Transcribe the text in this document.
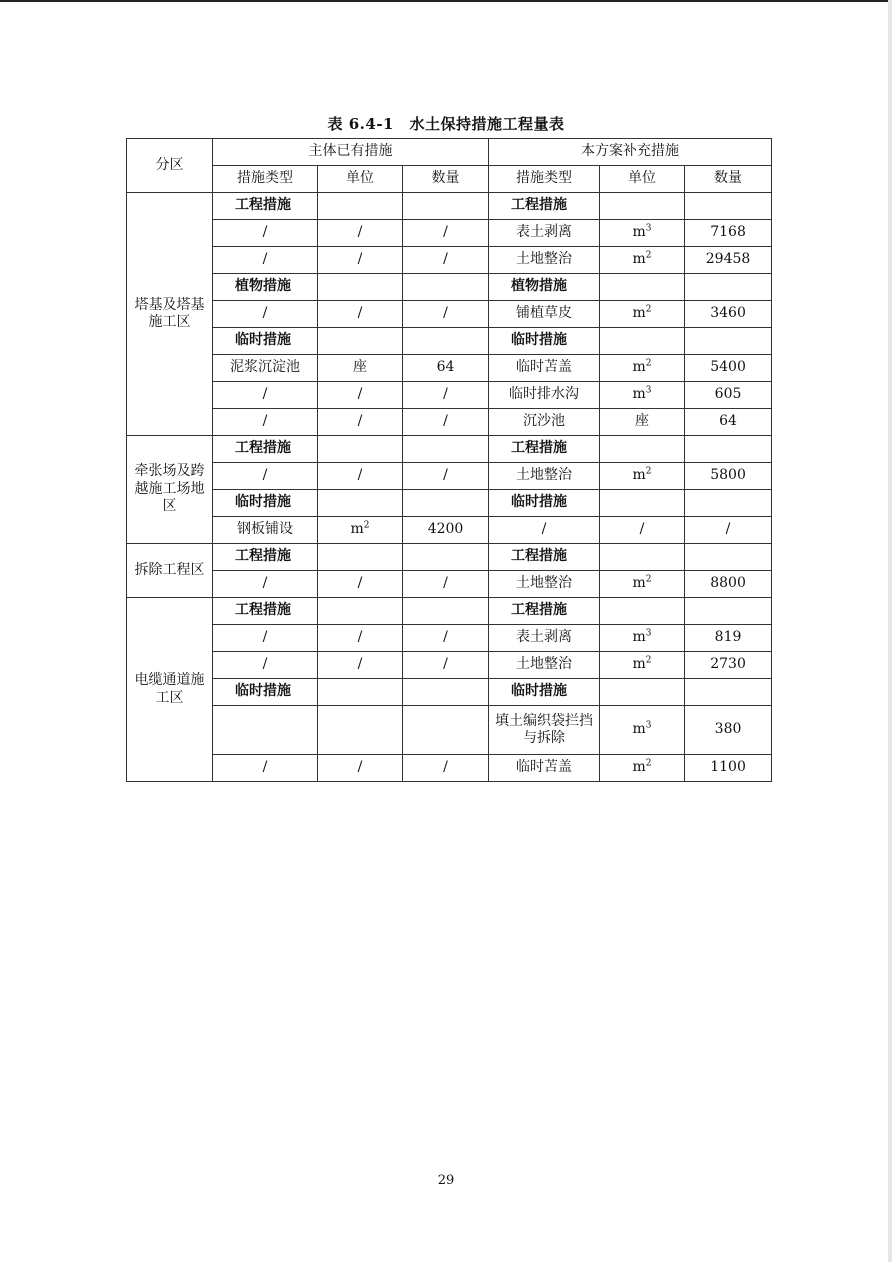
表 6.4-1　水土保持措施工程量表
分区	主体已有措施			本方案补充措施		
	措施类型	单位	数量	措施类型	单位	数量
塔基及塔基施工区	工程措施			工程措施		
	/	/	/	表土剥离	$m^3$	7168
	/	/	/	土地整治	$m^2$	29458
	植物措施			植物措施		
	/	/	/	铺植草皮	$m^2$	3460
	临时措施			临时措施		
	泥浆沉淀池	座	64	临时苫盖	$m^2$	5400
	/	/	/	临时排水沟	$m^3$	605
	/	/	/	沉沙池	座	64
牵张场及跨越施工场地区	工程措施			工程措施		
	/	/	/	土地整治	$m^2$	5800
	临时措施			临时措施		
	钢板铺设	$m^2$	4200	/	/	/
拆除工程区	工程措施			工程措施		
	/	/	/	土地整治	$m^2$	8800
电缆通道施工区	工程措施			工程措施		
	/	/	/	表土剥离	$m^3$	819
	/	/	/	土地整治	$m^2$	2730
	临时措施			临时措施		
				填土编织袋拦挡与拆除	$m^3$	380
	/	/	/	临时苫盖	$m^2$	1100
29
